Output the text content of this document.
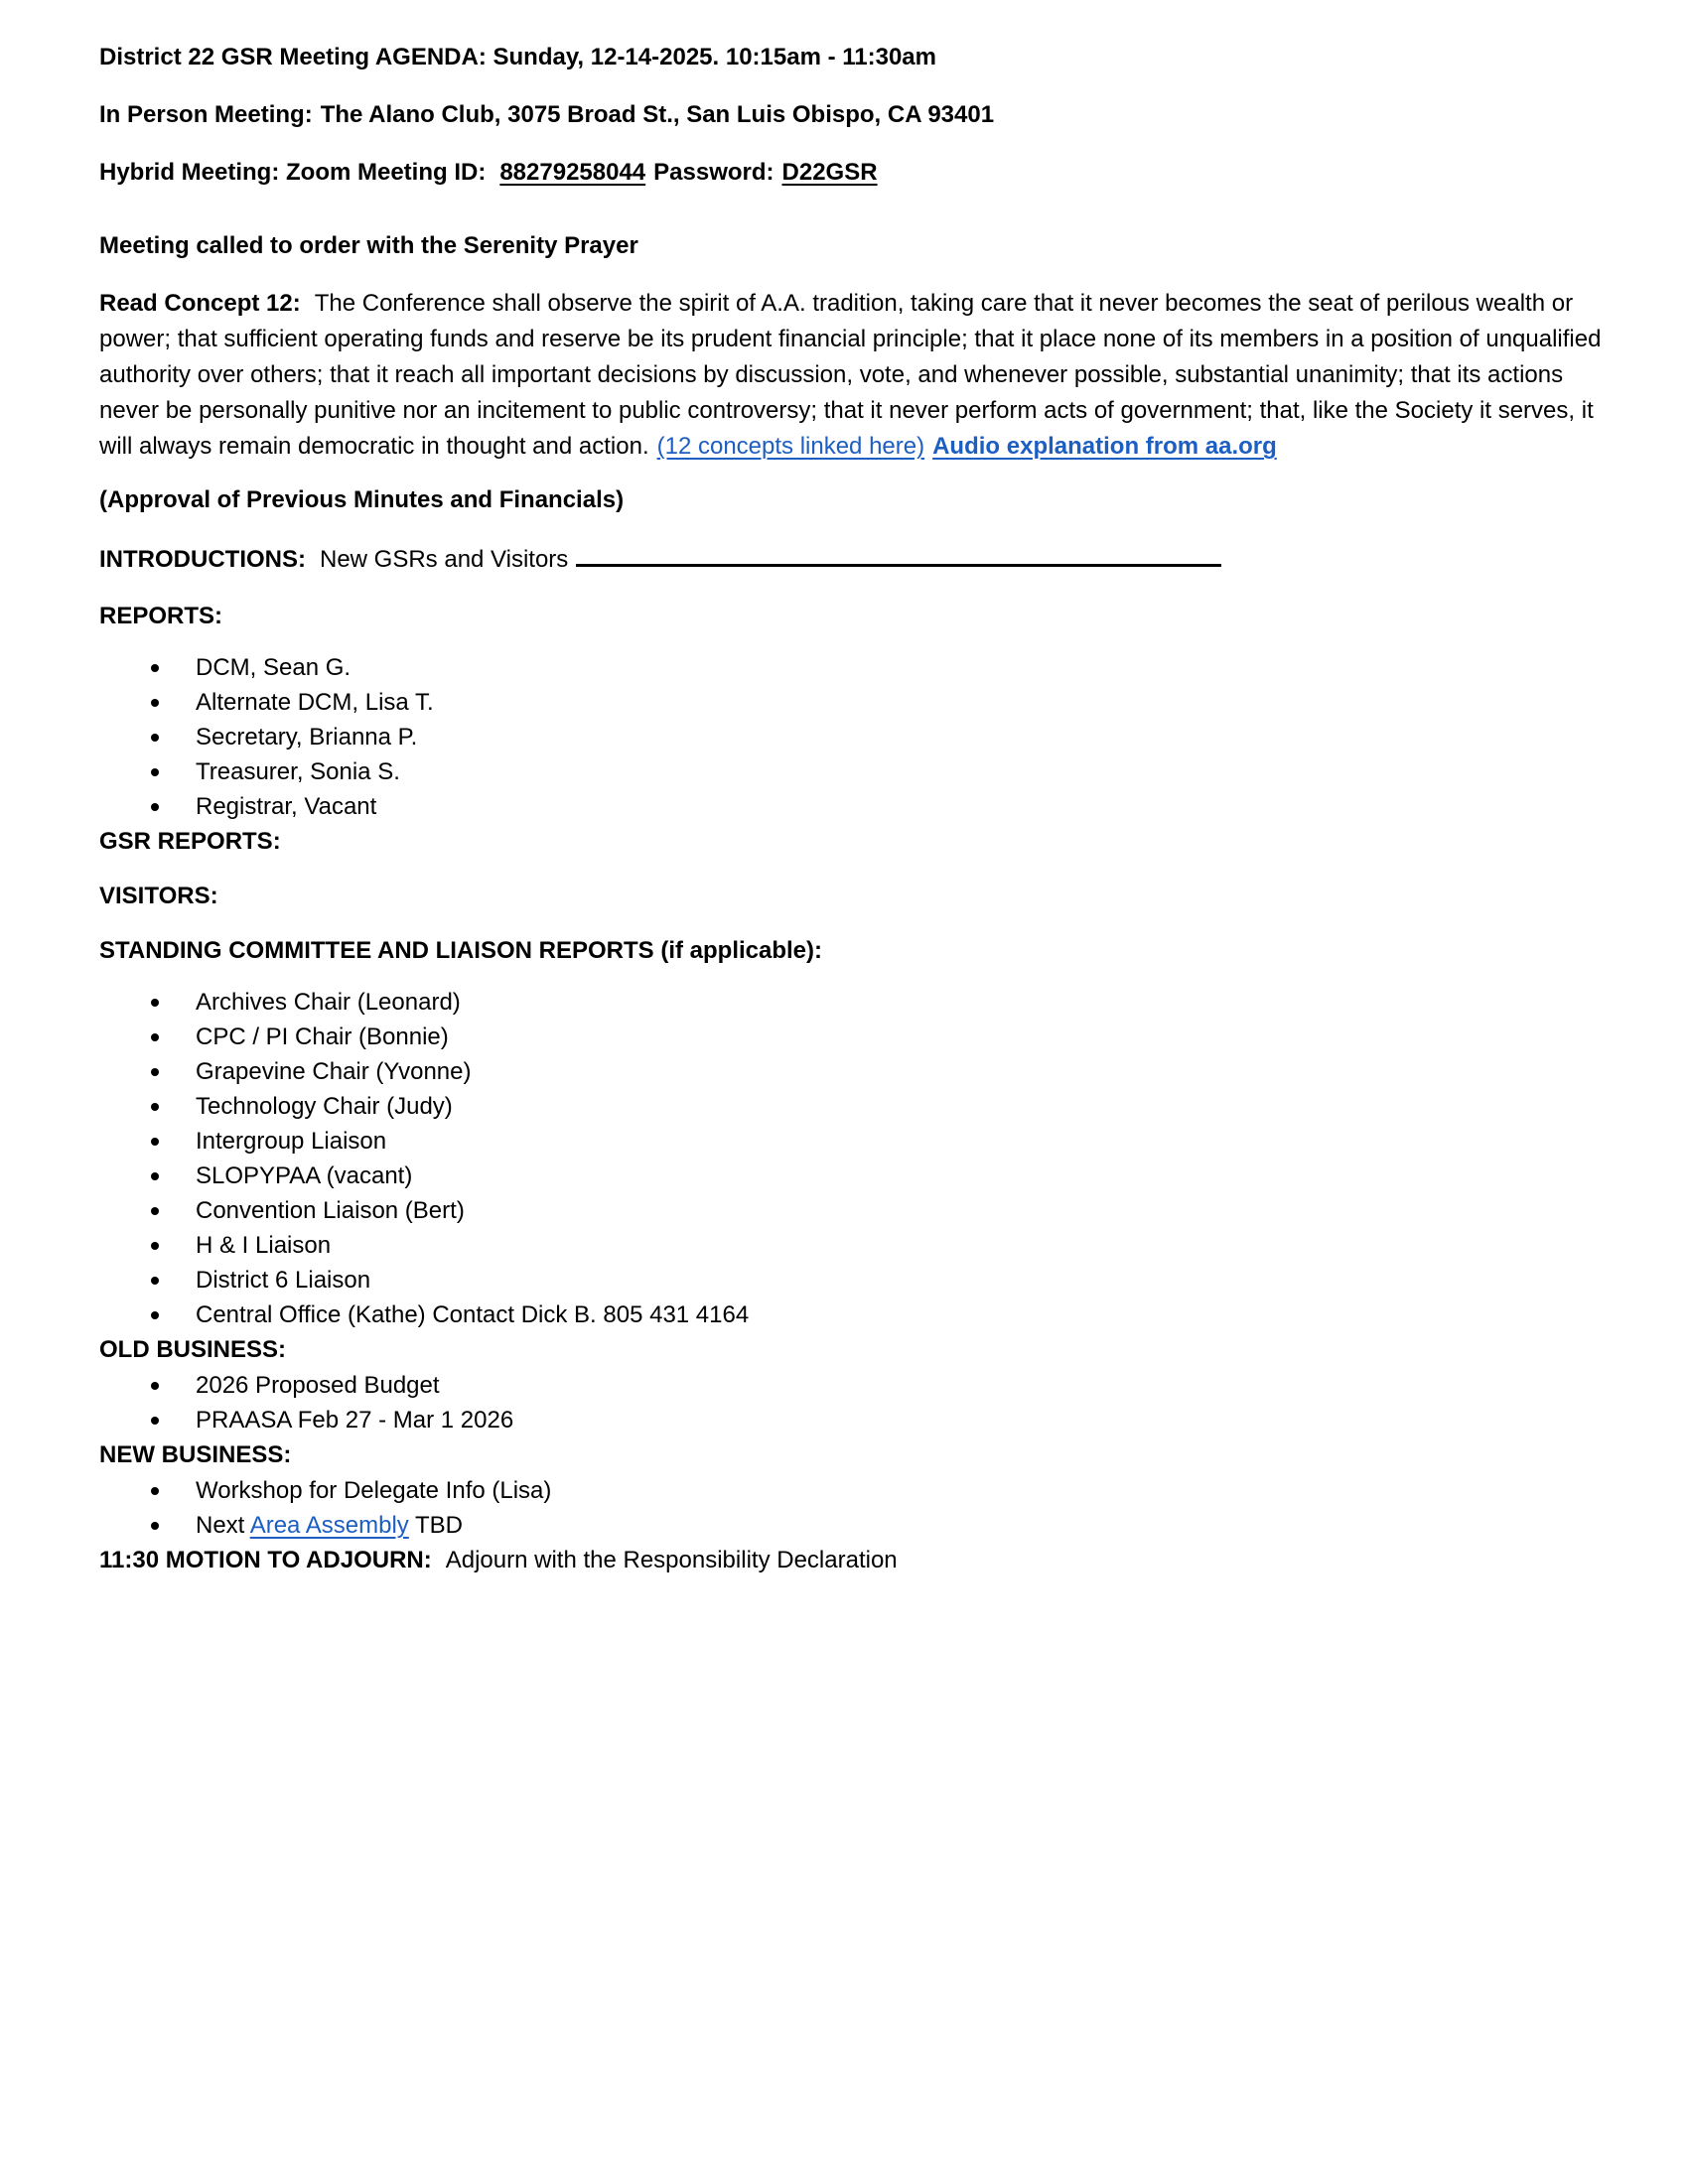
District 22 GSR Meeting AGENDA: Sunday, 12-14-2025. 10:15am - 11:30am

In Person Meeting: The Alano Club, 3075 Broad St., San Luis Obispo, CA 93401

Hybrid Meeting: Zoom Meeting ID: 88279258044 Password: D22GSR

Meeting called to order with the Serenity Prayer

Read Concept 12: The Conference shall observe the spirit of A.A. tradition, taking care that it never becomes the seat of perilous wealth or power; that sufficient operating funds and reserve be its prudent financial principle; that it place none of its members in a position of unqualified authority over others; that it reach all important decisions by discussion, vote, and whenever possible, substantial unanimity; that its actions never be personally punitive nor an incitement to public controversy; that it never perform acts of government; that, like the Society it serves, it will always remain democratic in thought and action. (12 concepts linked here) Audio explanation from aa.org

(Approval of Previous Minutes and Financials)

INTRODUCTIONS: New GSRs and Visitors

REPORTS:

DCM, Sean G.
Alternate DCM, Lisa T.
Secretary, Brianna P.
Treasurer, Sonia S.
Registrar, Vacant

GSR REPORTS:

VISITORS:

STANDING COMMITTEE AND LIAISON REPORTS (if applicable):

Archives Chair (Leonard)
CPC / PI Chair (Bonnie)
Grapevine Chair (Yvonne)
Technology Chair (Judy)
Intergroup Liaison
SLOPYPAA (vacant)
Convention Liaison (Bert)
H & I Liaison
District 6 Liaison
Central Office (Kathe) Contact Dick B. 805 431 4164

OLD BUSINESS:

2026 Proposed Budget
PRAASA Feb 27 - Mar 1 2026

NEW BUSINESS:

Workshop for Delegate Info (Lisa)
Next Area Assembly TBD

11:30 MOTION TO ADJOURN: Adjourn with the Responsibility Declaration
